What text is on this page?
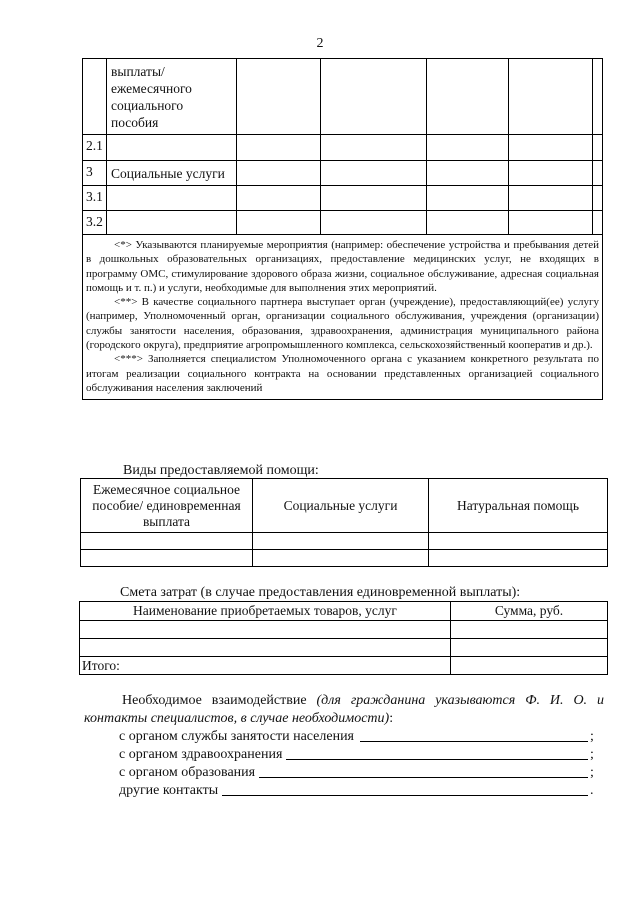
2

	выплаты/
ежемесячного
социального
пособия					

2.1						
3	Социальные услуги					
3.1						
3.2						

<*> Указываются планируемые мероприятия (например: обеспечение устройства и пребывания детей в дошкольных образовательных организациях, предоставление медицинских услуг, не входящих в программу ОМС, стимулирование здорового образа жизни, социальное обслуживание, адресная социальная помощь и т. п.) и услуги, необходимые для выполнения этих мероприятий.

<**> В качестве социального партнера выступает орган (учреждение), предоставляющий(ее) услугу (например, Уполномоченный орган, организации социального обслуживания, учреждения (организации) службы занятости населения, образования, здравоохранения, администрация муниципального района (городского округа), предприятие агропромышленного комплекса, сельскохозяйственный кооператив и др.).

<***> Заполняется специалистом Уполномоченного органа с указанием конкретного результата по итогам реализации социального контракта на основании представленных организацией социального обслуживания населения заключений						

Виды предоставляемой помощи:
Ежемесячное социальное пособие/ единовременная выплата	Социальные услуги	Натуральная помощь

Смета затрат (в случае предоставления единовременной выплаты):
Наименование приобретаемых товаров, услуг	Сумма, руб.

Итого:	

Необходимое взаимодействие (для гражданина указываются Ф. И. О. и контакты специалистов, в случае необходимости):

с органом службы занятости населения	;
с органом здравоохранения	;
с органом образования	;
другие контакты	.
